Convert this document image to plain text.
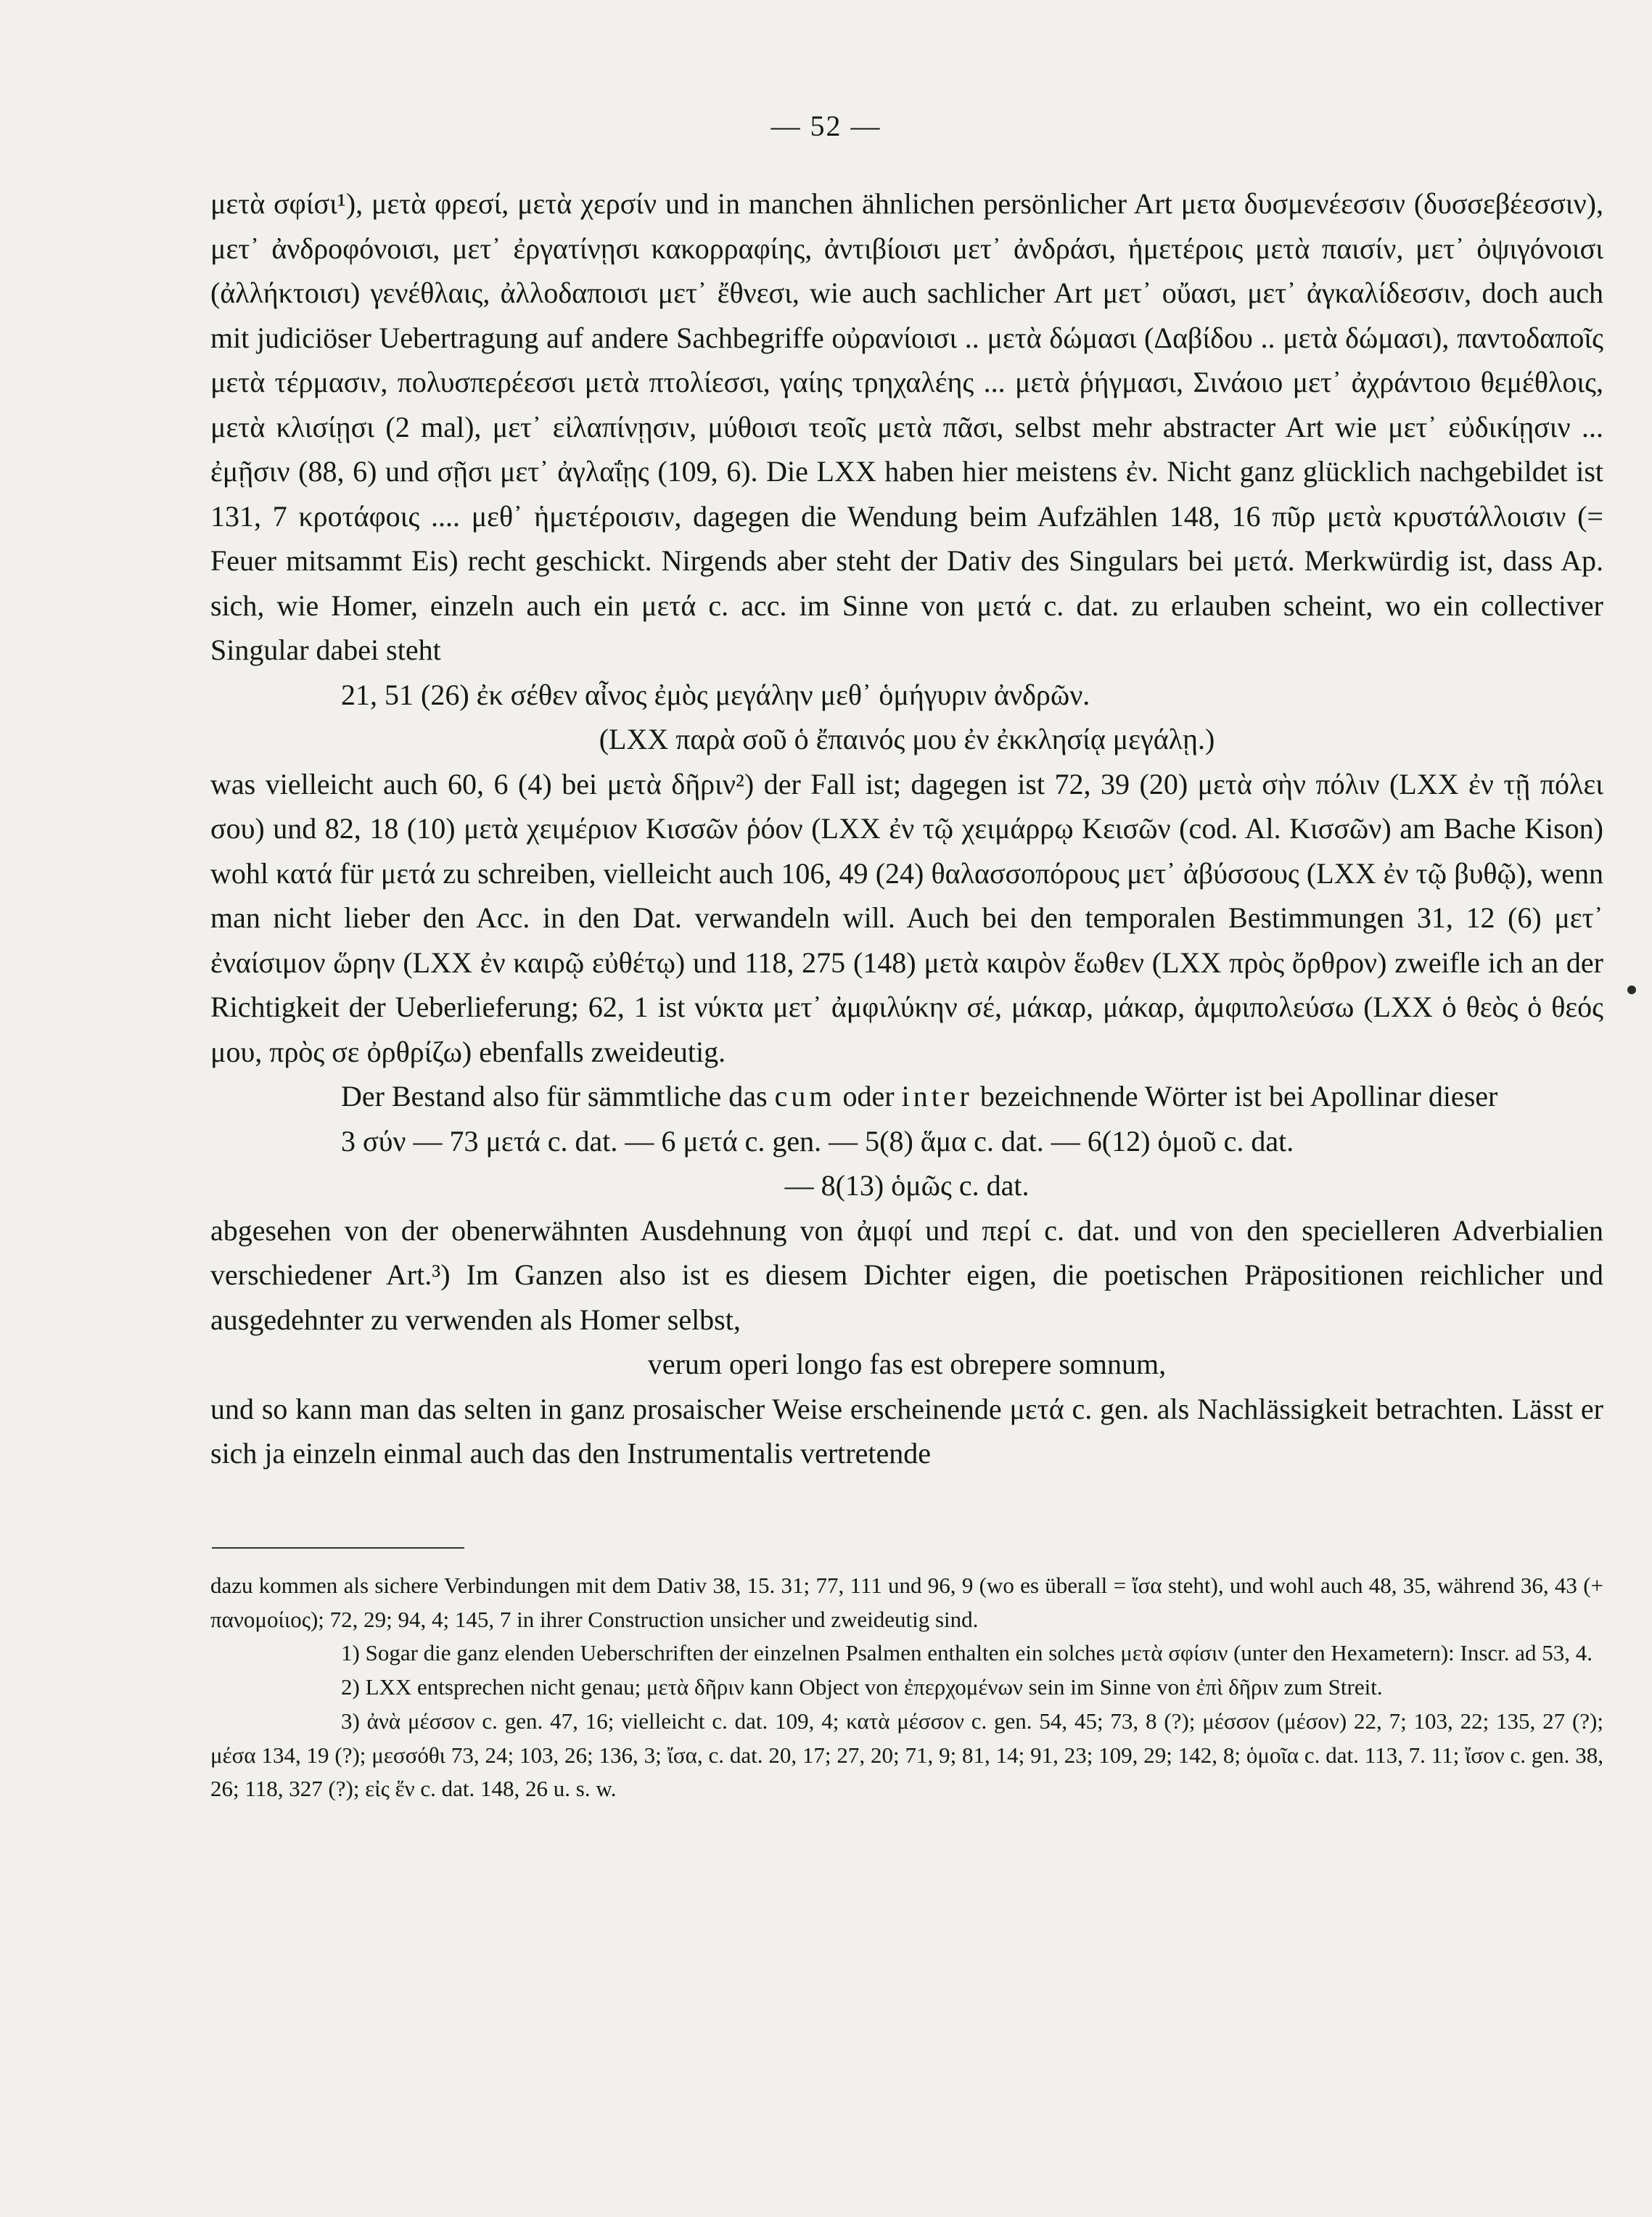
— 52 —

μετὰ σφίσι¹), μετὰ φρεσί, μετὰ χερσίν und in manchen ähnlichen persönlicher Art μετα δυσμενέεσσιν (δυσσεβέεσσιν), μετ᾽ ἀνδροφόνοισι, μετ᾽ ἐργατίνῃσι κακορραφίης, ἀντιβίοισι μετ᾽ ἀνδράσι, ἡμετέροις μετὰ παισίν, μετ᾽ ὀψιγόνοισι (ἀλλήκτοισι) γενέθλαις, ἀλλοδαποισι μετ᾽ ἔθνεσι, wie auch sachlicher Art μετ᾽ οὔασι, μετ᾽ ἀγκαλίδεσσιν, doch auch mit judiciöser Uebertragung auf andere Sachbegriffe οὐρανίοισι .. μετὰ δώμασι (Δαβίδου .. μετὰ δώμασι), παντοδαποῖς μετὰ τέρμασιν, πολυσπερέεσσι μετὰ πτολίεσσι, γαίης τρηχαλέης ... μετὰ ῥήγμασι, Σινάοιο μετ᾽ ἀχράντοιο θεμέθλοις, μετὰ κλισίῃσι (2 mal), μετ᾽ εἰλαπίνῃσιν, μύθοισι τεοῖς μετὰ πᾶσι, selbst mehr abstracter Art wie μετ᾽ εὐδικίῃσιν ... ἐμῇσιν (88, 6) und σῇσι μετ᾽ ἀγλαΐῃς (109, 6). Die LXX haben hier meistens ἐν. Nicht ganz glücklich nachgebildet ist 131, 7 κροτάφοις .... μεθ᾽ ἡμετέροισιν, dagegen die Wendung beim Aufzählen 148, 16 πῦρ μετὰ κρυστάλλοισιν (= Feuer mitsammt Eis) recht geschickt. Nirgends aber steht der Dativ des Singulars bei μετά. Merkwürdig ist, dass Ap. sich, wie Homer, einzeln auch ein μετά c. acc. im Sinne von μετά c. dat. zu erlauben scheint, wo ein collectiver Singular dabei steht

21, 51 (26) ἐκ σέθεν αἶνος ἐμὸς μεγάλην μεθ᾽ ὁμήγυριν ἀνδρῶν.

(LXX παρὰ σοῦ ὁ ἔπαινός μου ἐν ἐκκλησίᾳ μεγάλῃ.)

was vielleicht auch 60, 6 (4) bei μετὰ δῆριν²) der Fall ist; dagegen ist 72, 39 (20) μετὰ σὴν πόλιν (LXX ἐν τῇ πόλει σου) und 82, 18 (10) μετὰ χειμέριον Κισσῶν ῥόον (LXX ἐν τῷ χειμάρρῳ Κεισῶν (cod. Al. Κισσῶν) am Bache Kison) wohl κατά für μετά zu schreiben, vielleicht auch 106, 49 (24) θαλασσοπόρους μετ᾽ ἀβύσσους (LXX ἐν τῷ βυθῷ), wenn man nicht lieber den Acc. in den Dat. verwandeln will. Auch bei den temporalen Bestimmungen 31, 12 (6) μετ᾽ ἐναίσιμον ὥρην (LXX ἐν καιρῷ εὐθέτῳ) und 118, 275 (148) μετὰ καιρὸν ἕωθεν (LXX πρὸς ὄρθρον) zweifle ich an der Richtigkeit der Ueberlieferung; 62, 1 ist νύκτα μετ᾽ ἀμφιλύκην σέ, μάκαρ, μάκαρ, ἀμφιπολεύσω (LXX ὁ θεὸς ὁ θεός μου, πρὸς σε ὀρθρίζω) ebenfalls zweideutig.

Der Bestand also für sämmtliche das cum oder inter bezeichnende Wörter ist bei Apollinar dieser

3 σύν — 73 μετά c. dat. — 6 μετά c. gen. — 5(8) ἅμα c. dat. — 6(12) ὁμοῦ c. dat.

— 8(13) ὁμῶς c. dat.

abgesehen von der obenerwähnten Ausdehnung von ἀμφί und περί c. dat. und von den specielleren Adverbialien verschiedener Art.³) Im Ganzen also ist es diesem Dichter eigen, die poetischen Präpositionen reichlicher und ausgedehnter zu verwenden als Homer selbst,

verum operi longo fas est obrepere somnum,

und so kann man das selten in ganz prosaischer Weise erscheinende μετά c. gen. als Nachlässigkeit betrachten. Lässt er sich ja einzeln einmal auch das den Instrumentalis vertretende

dazu kommen als sichere Verbindungen mit dem Dativ 38, 15. 31; 77, 111 und 96, 9 (wo es überall = ἴσα steht), und wohl auch 48, 35, während 36, 43 (+ πανομοίιος); 72, 29; 94, 4; 145, 7 in ihrer Construction unsicher und zweideutig sind.

1) Sogar die ganz elenden Ueberschriften der einzelnen Psalmen enthalten ein solches μετὰ σφίσιν (unter den Hexametern): Inscr. ad 53, 4.

2) LXX entsprechen nicht genau; μετὰ δῆριν kann Object von ἐπερχομένων sein im Sinne von ἐπὶ δῆριν zum Streit.

3) ἀνὰ μέσσον c. gen. 47, 16; vielleicht c. dat. 109, 4; κατὰ μέσσον c. gen. 54, 45; 73, 8 (?); μέσσον (μέσον) 22, 7; 103, 22; 135, 27 (?); μέσα 134, 19 (?); μεσσόθι 73, 24; 103, 26; 136, 3; ἴσα, c. dat. 20, 17; 27, 20; 71, 9; 81, 14; 91, 23; 109, 29; 142, 8; ὁμοῖα c. dat. 113, 7. 11; ἴσον c. gen. 38, 26; 118, 327 (?); εἰς ἕν c. dat. 148, 26 u. s. w.
